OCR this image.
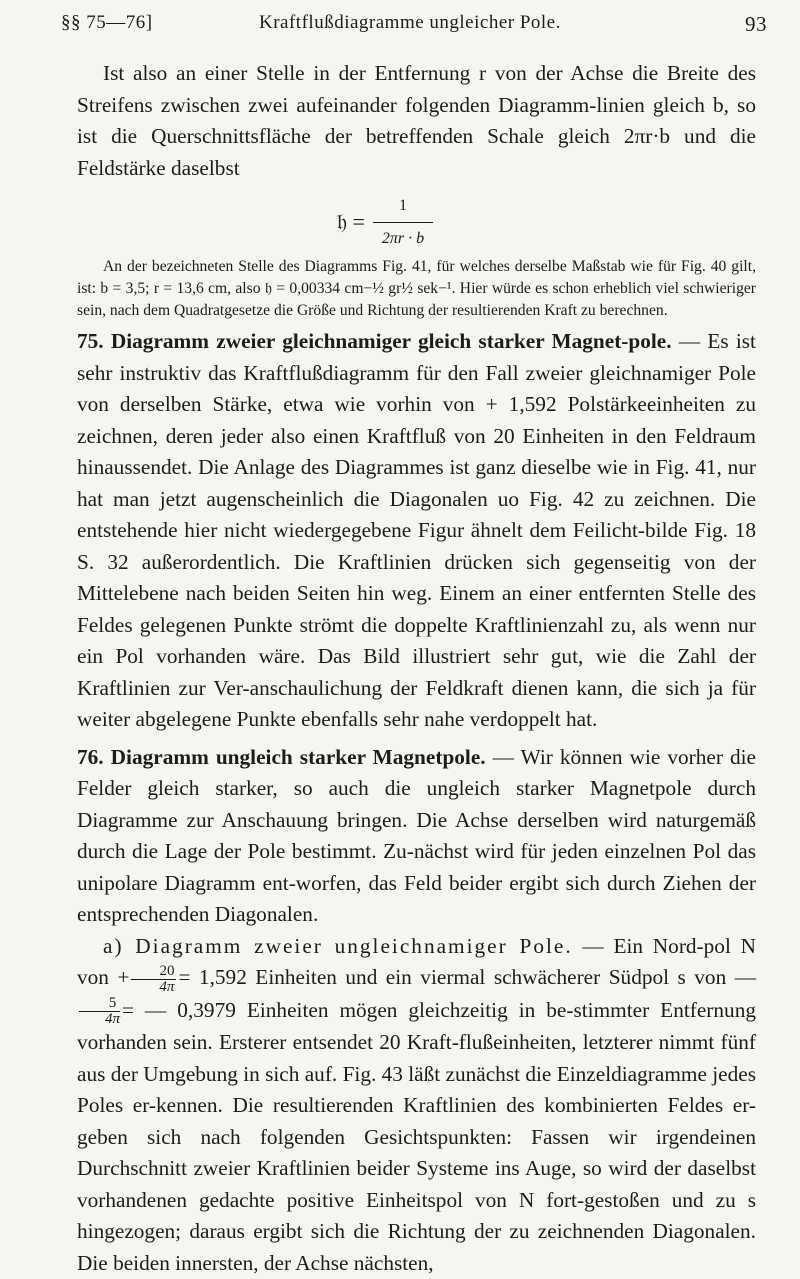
§§ 75—76]	Kraftflußdiagramme ungleicher Pole.	93

Ist also an einer Stelle in der Entfernung r von der Achse die Breite des Streifens zwischen zwei aufeinander folgenden Diagramm-linien gleich b, so ist die Querschnittsfläche der betreffenden Schale gleich 2πr·b und die Feldstärke daselbst

𝔥 = $\frac{1}{2\pi r \cdot b}$

An der bezeichneten Stelle des Diagramms Fig. 41, für welches derselbe Maßstab wie für Fig. 40 gilt, ist: b = 3,5; r = 13,6 cm, also 𝔥 = 0,00334 cm−½ gr½ sek−¹. Hier würde es schon erheblich viel schwieriger sein, nach dem Quadratgesetze die Größe und Richtung der resultierenden Kraft zu berechnen.

75. Diagramm zweier gleichnamiger gleich starker Magnet-pole. — Es ist sehr instruktiv das Kraftflußdiagramm für den Fall zweier gleichnamiger Pole von derselben Stärke, etwa wie vorhin von + 1,592 Polstärkeeinheiten zu zeichnen, deren jeder also einen Kraftfluß von 20 Einheiten in den Feldraum hinaussendet. Die Anlage des Diagrammes ist ganz dieselbe wie in Fig. 41, nur hat man jetzt augenscheinlich die Diagonalen uo Fig. 42 zu zeichnen. Die entstehende hier nicht wiedergegebene Figur ähnelt dem Feilicht-bilde Fig. 18 S. 32 außerordentlich. Die Kraftlinien drücken sich gegenseitig von der Mittelebene nach beiden Seiten hin weg. Einem an einer entfernten Stelle des Feldes gelegenen Punkte strömt die doppelte Kraftlinienzahl zu, als wenn nur ein Pol vorhanden wäre. Das Bild illustriert sehr gut, wie die Zahl der Kraftlinien zur Ver-anschaulichung der Feldkraft dienen kann, die sich ja für weiter abgelegene Punkte ebenfalls sehr nahe verdoppelt hat.

76. Diagramm ungleich starker Magnetpole. — Wir können wie vorher die Felder gleich starker, so auch die ungleich starker Magnetpole durch Diagramme zur Anschauung bringen. Die Achse derselben wird naturgemäß durch die Lage der Pole bestimmt. Zu-nächst wird für jeden einzelnen Pol das unipolare Diagramm ent-worfen, das Feld beider ergibt sich durch Ziehen der entsprechenden Diagonalen.

a) Diagramm zweier ungleichnamiger Pole. — Ein Nord-pol N von + $\frac{20}{4\pi} = 1,592$ Einheiten und ein viermal schwächerer Südpol s von —
$\frac{5}{4\pi}$ = — 0,3979 Einheiten mögen gleichzeitig in be-stimmter Entfernung vorhanden sein. Ersterer entsendet 20 Kraft-flußeinheiten, letzterer nimmt fünf aus der Umgebung in sich auf. Fig. 43 läßt zunächst die Einzeldiagramme jedes Poles er-kennen. Die resultierenden Kraftlinien des kombinierten Feldes er-geben sich nach folgenden Gesichtspunkten: Fassen wir irgendeinen Durchschnitt zweier Kraftlinien beider Systeme ins Auge, so wird der daselbst vorhandenen gedachte positive Einheitspol von N fort-gestoßen und zu s hingezogen; daraus ergibt sich die Richtung der zu zeichnenden Diagonalen. Die beiden innersten, der Achse nächsten,
